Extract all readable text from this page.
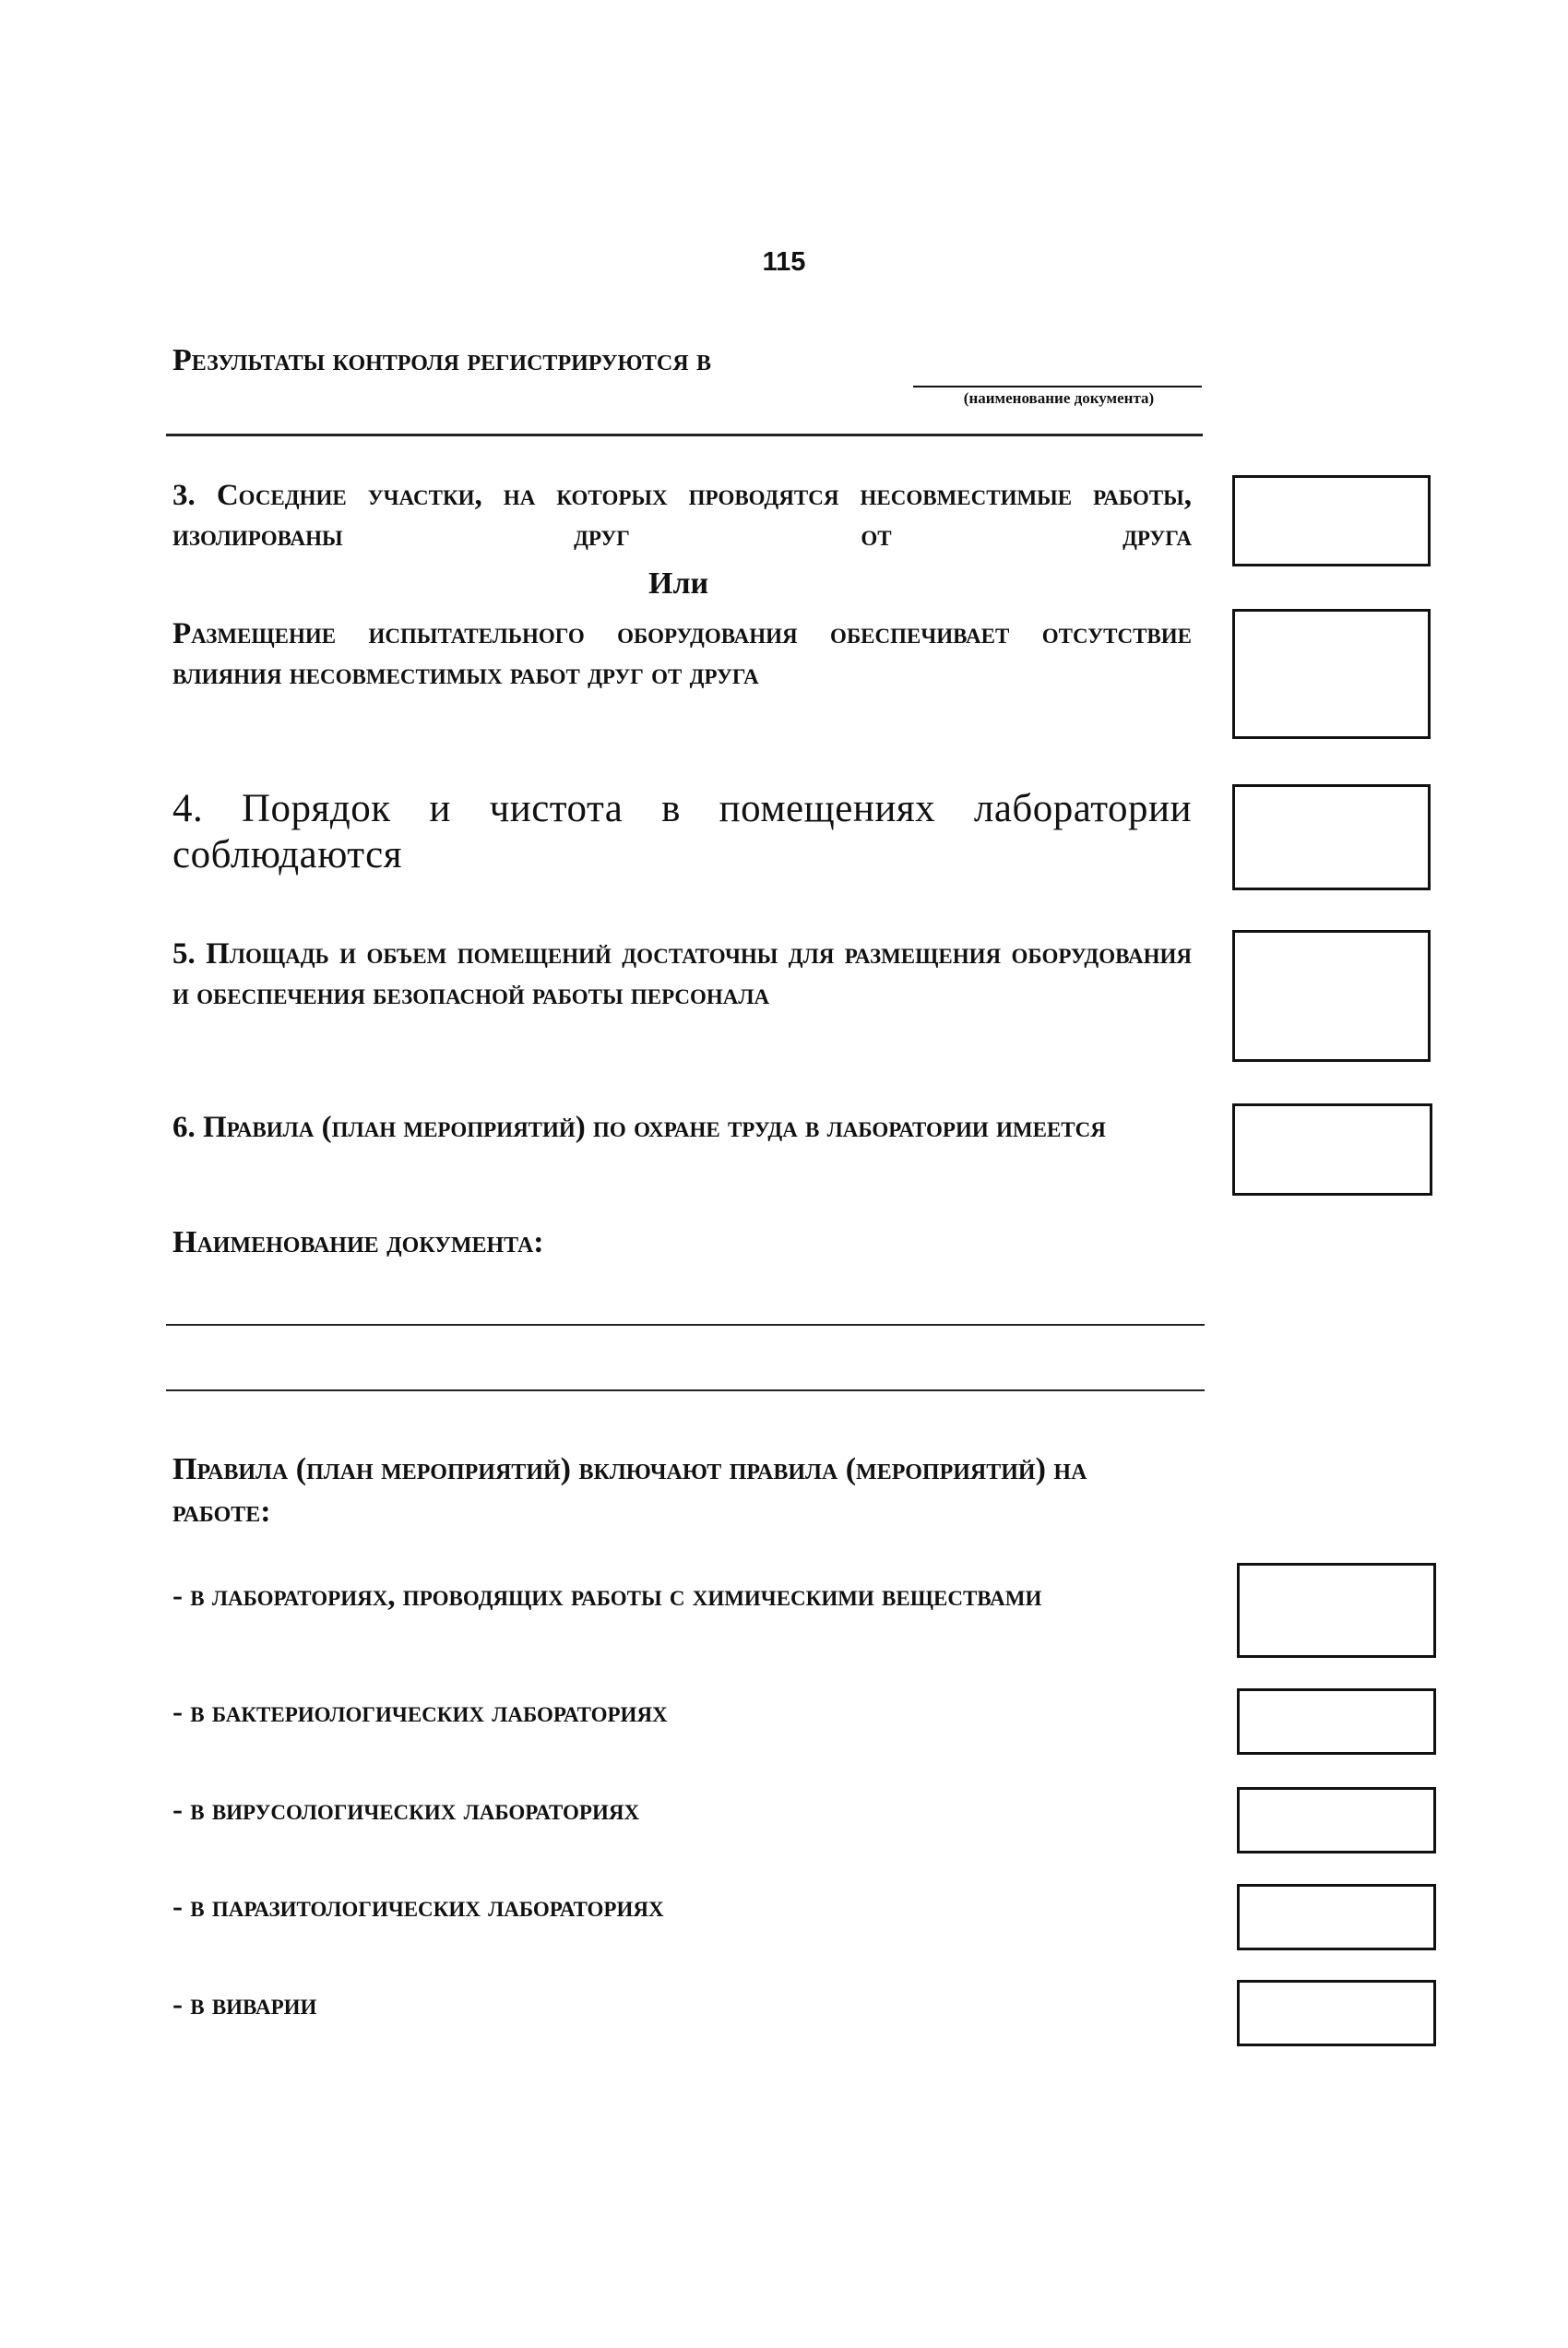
115
Результаты контроля регистрируются в
(наименование документа)
3. Соседние участки, на которых проводятся несовместимые работы, изолированы друг от друга
Или
Размещение испытательного оборудования обеспечивает отсутствие влияния несовместимых работ друг от друга
4. Порядок и чистота в помещениях лаборатории соблюдаются
5. Площадь и объем помещений достаточны для размещения оборудования и обеспечения безопасной работы персонала
6. Правила (план мероприятий) по охране труда в лаборатории имеется
Наименование документа:
Правила (план мероприятий) включают правила (мероприятий) на работе:
- в лабораториях, проводящих работы с химическими веществами
- в бактериологических лабораториях
- в вирусологических лабораториях
- в паразитологических лабораториях
- в виварии
